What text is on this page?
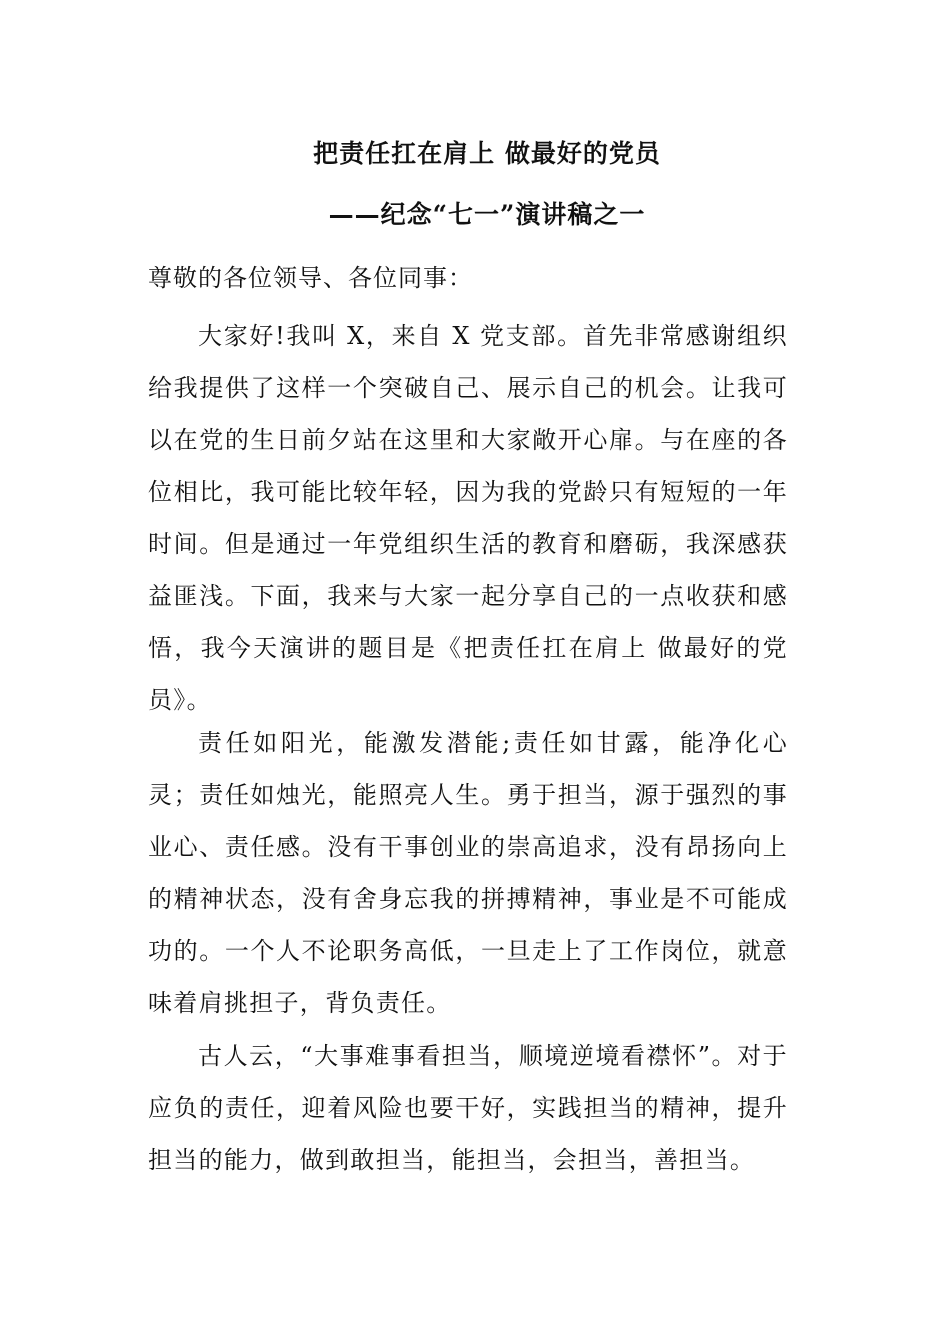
把责任扛在肩上 做最好的党员
——纪念“七一”演讲稿之一

尊敬的各位领导、各位同事：

大家好!我叫 X，来自 X 党支部。首先非常感谢组织给我提供了这样一个突破自己、展示自己的机会。让我可以在党的生日前夕站在这里和大家敞开心扉。与在座的各位相比，我可能比较年轻，因为我的党龄只有短短的一年时间。但是通过一年党组织生活的教育和磨砺，我深感获益匪浅。下面，我来与大家一起分享自己的一点收获和感悟，我今天演讲的题目是《把责任扛在肩上 做最好的党员》。

责任如阳光，能激发潜能;责任如甘露，能净化心灵；责任如烛光，能照亮人生。勇于担当，源于强烈的事业心、责任感。没有干事创业的崇高追求，没有昂扬向上的精神状态，没有舍身忘我的拼搏精神，事业是不可能成功的。一个人不论职务高低，一旦走上了工作岗位，就意味着肩挑担子，背负责任。

古人云，“大事难事看担当，顺境逆境看襟怀”。对于应负的责任，迎着风险也要干好，实践担当的精神，提升担当的能力，做到敢担当，能担当，会担当，善担当。
